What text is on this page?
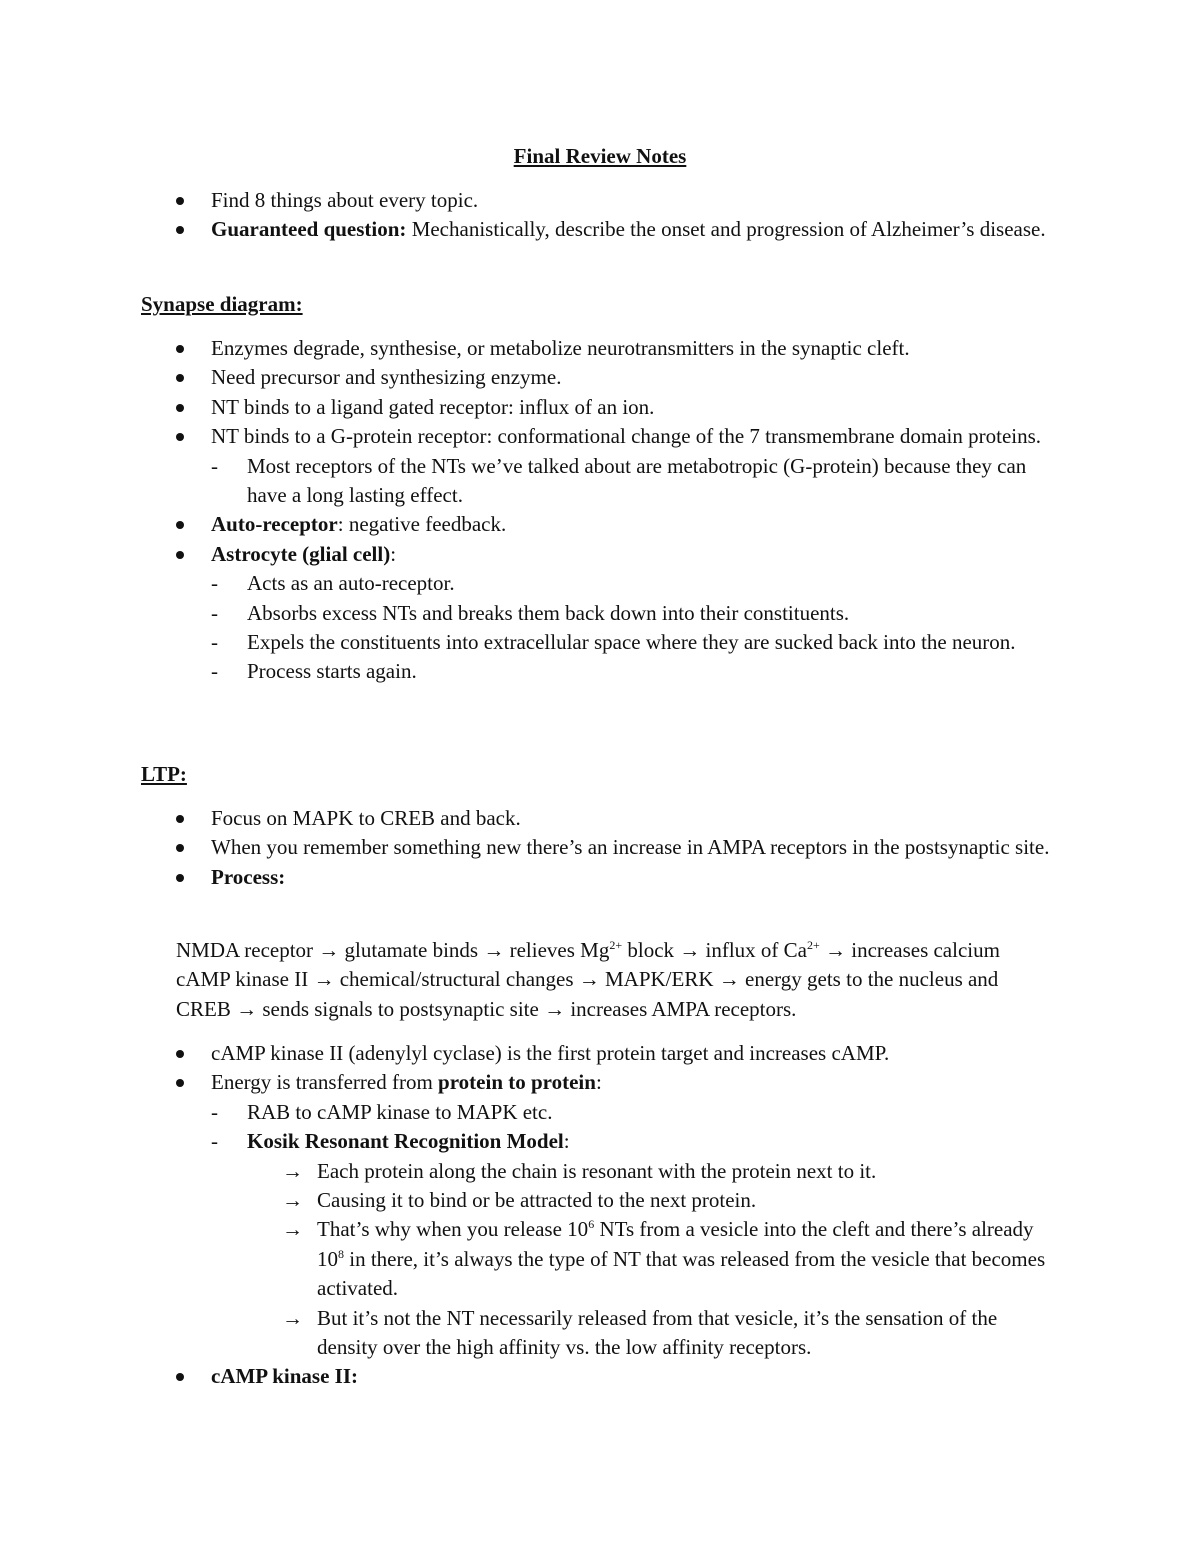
Final Review Notes
Find 8 things about every topic.
Guaranteed question: Mechanistically, describe the onset and progression of Alzheimer’s disease.
Synapse diagram:
Enzymes degrade, synthesise, or metabolize neurotransmitters in the synaptic cleft.
Need precursor and synthesizing enzyme.
NT binds to a ligand gated receptor: influx of an ion.
NT binds to a G-protein receptor: conformational change of the 7 transmembrane domain proteins.
- Most receptors of the NTs we’ve talked about are metabotropic (G-protein) because they can have a long lasting effect.
Auto-receptor: negative feedback.
Astrocyte (glial cell):
- Acts as an auto-receptor.
- Absorbs excess NTs and breaks them back down into their constituents.
- Expels the constituents into extracellular space where they are sucked back into the neuron.
- Process starts again.
LTP:
Focus on MAPK to CREB and back.
When you remember something new there’s an increase in AMPA receptors in the postsynaptic site.
Process:
NMDA receptor → glutamate binds → relieves $Mg^{2+}$ block → influx of $Ca^{2+}$ → increases calcium cAMP kinase II → chemical/structural changes → MAPK/ERK → energy gets to the nucleus and CREB → sends signals to postsynaptic site → increases AMPA receptors.
cAMP kinase II (adenylyl cyclase) is the first protein target and increases cAMP.
Energy is transferred from protein to protein:
- RAB to cAMP kinase to MAPK etc.
- Kosik Resonant Recognition Model:
→ Each protein along the chain is resonant with the protein next to it.
→ Causing it to bind or be attracted to the next protein.
→ That’s why when you release $10^6$ NTs from a vesicle into the cleft and there’s already $10^8$ in there, it’s always the type of NT that was released from the vesicle that becomes activated.
→ But it’s not the NT necessarily released from that vesicle, it’s the sensation of the density over the high affinity vs. the low affinity receptors.
cAMP kinase II:
